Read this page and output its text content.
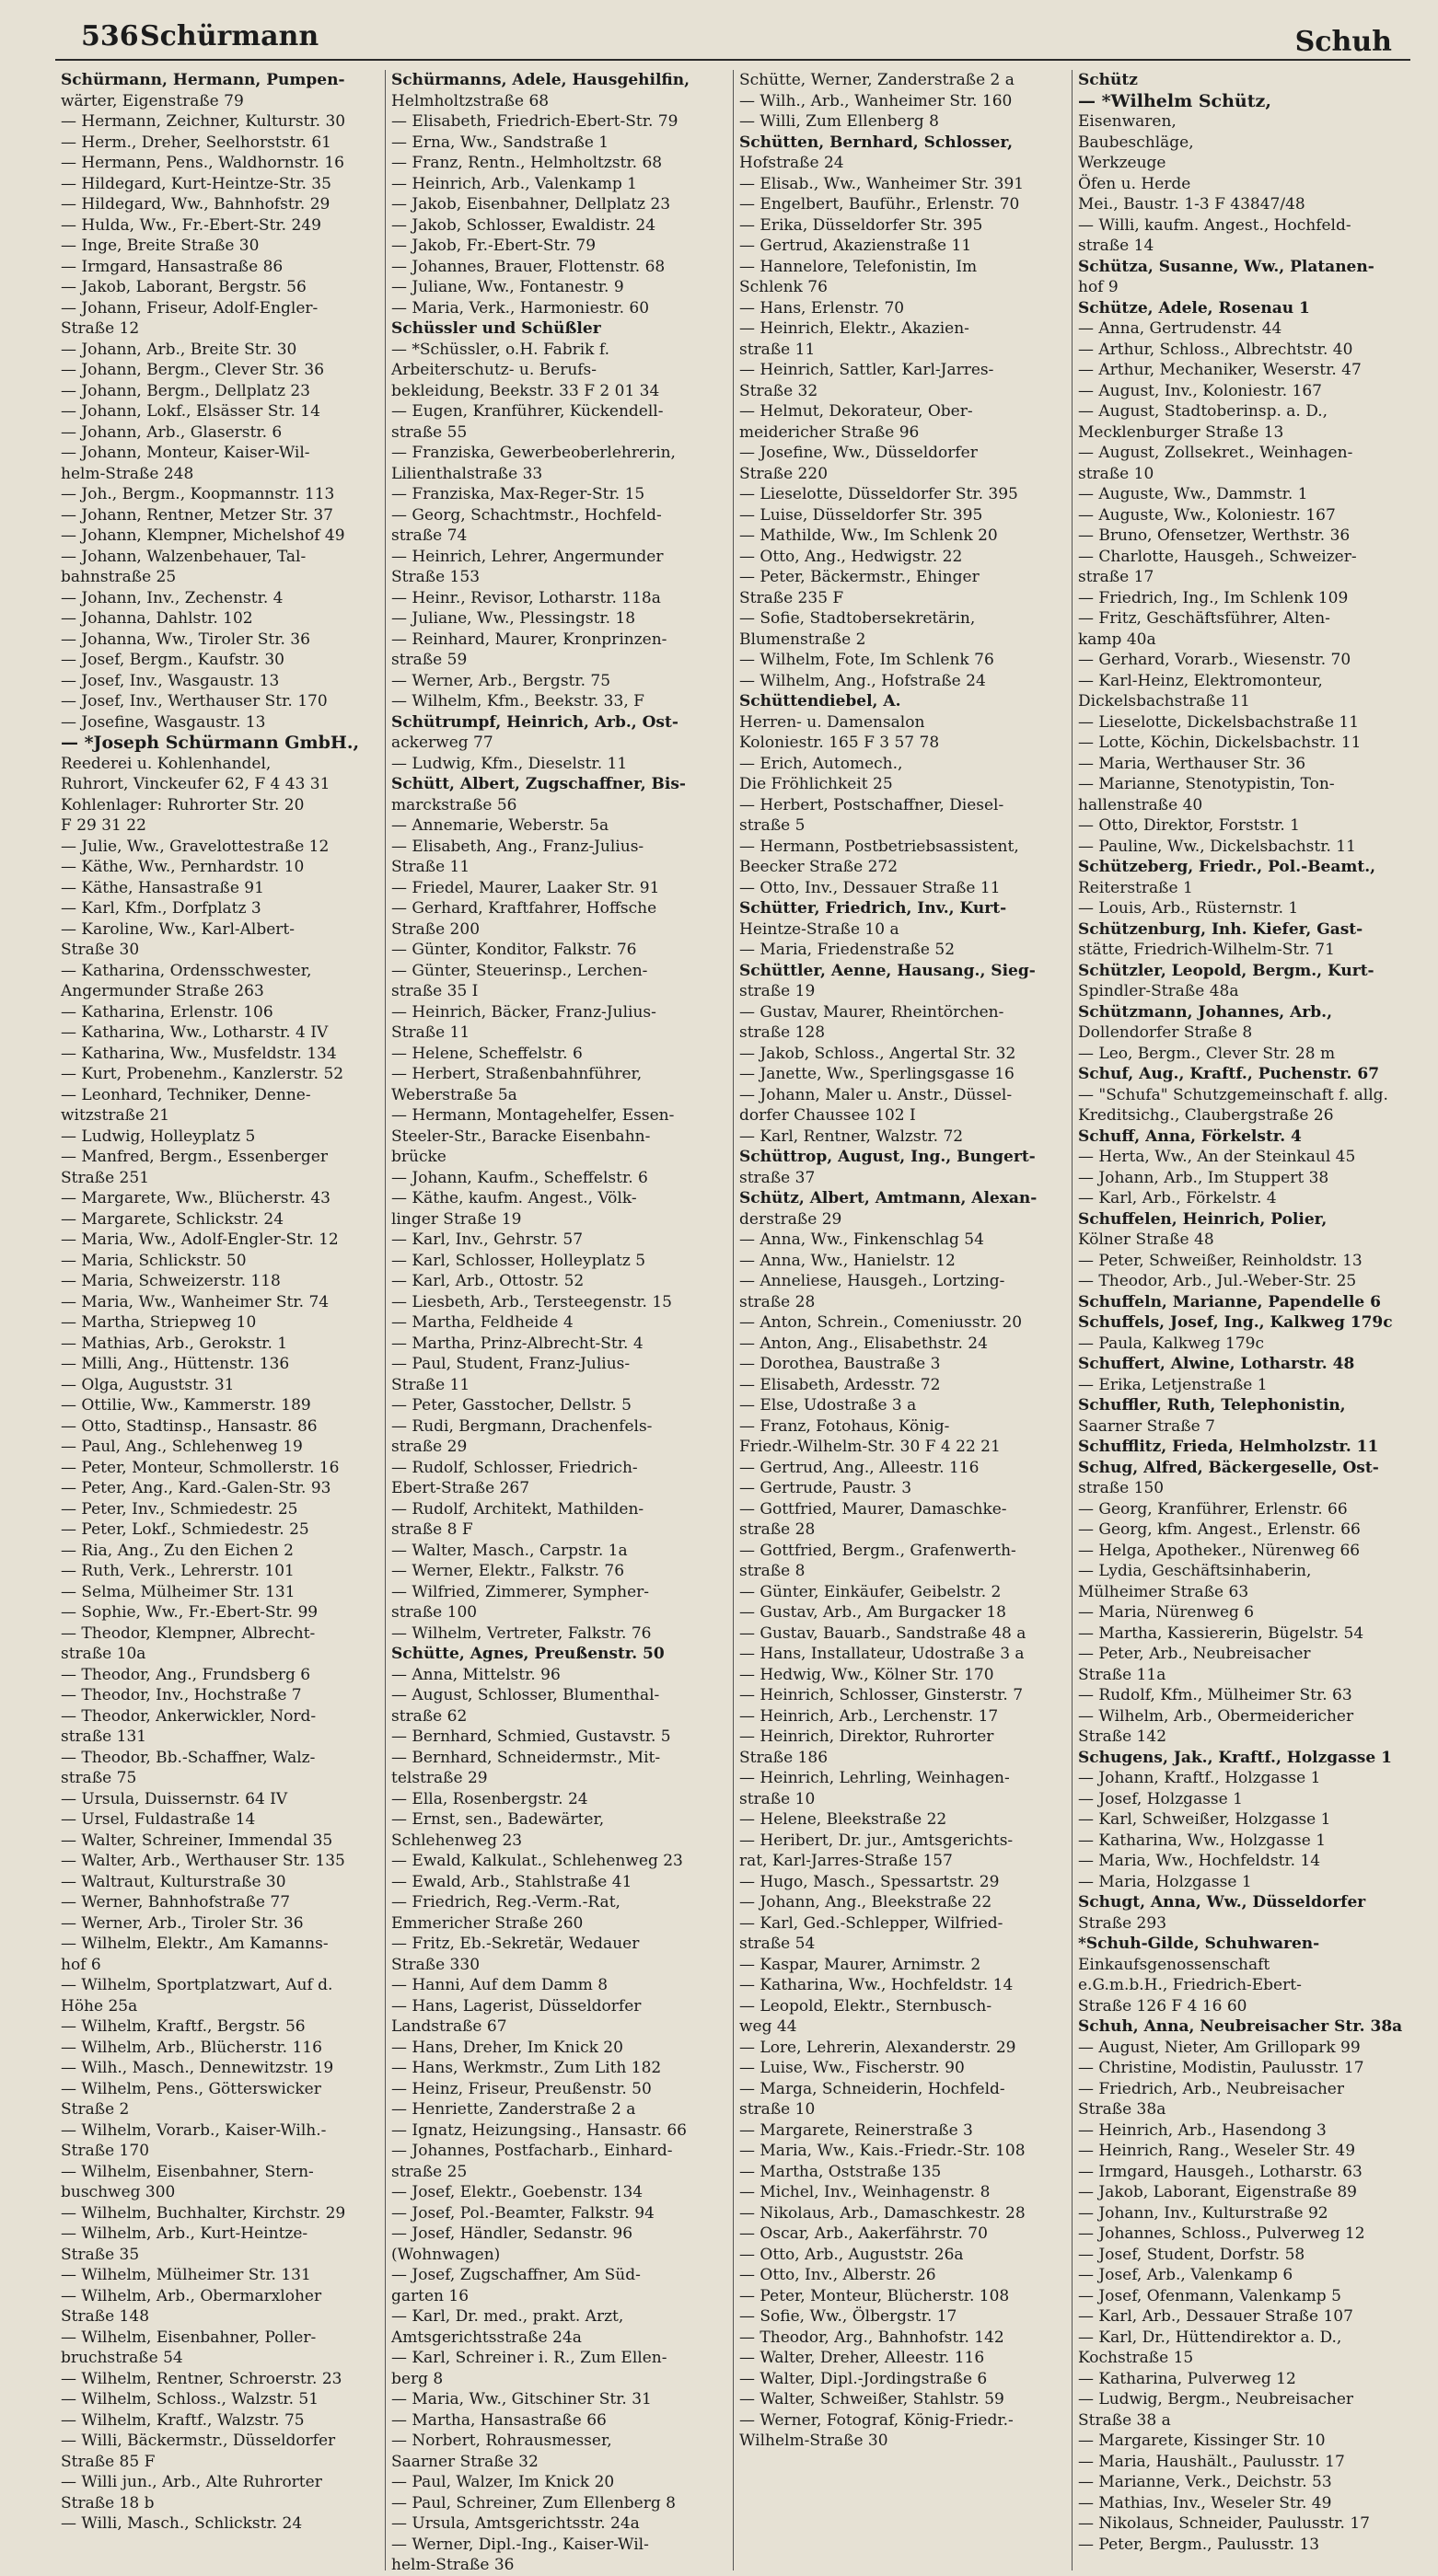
536 Schürmann	Schuh
Schürmann, Hermann, Pumpen-
wärter, Eigenstraße 79
— Hermann, Zeichner, Kulturstr. 30
— Herm., Dreher, Seelhorststr. 61
— Hermann, Pens., Waldhornstr. 16
— Hildegard, Kurt-Heintze-Str. 35
— Hildegard, Ww., Bahnhofstr. 29
— Hulda, Ww., Fr.-Ebert-Str. 249
— Inge, Breite Straße 30
— Irmgard, Hansastraße 86
— Jakob, Laborant, Bergstr. 56
— Johann, Friseur, Adolf-Engler-
Straße 12
— Johann, Arb., Breite Str. 30
— Johann, Bergm., Clever Str. 36
— Johann, Bergm., Dellplatz 23
— Johann, Lokf., Elsässer Str. 14
— Johann, Arb., Glaserstr. 6
— Johann, Monteur, Kaiser-Wil-
helm-Straße 248
— Joh., Bergm., Koopmannstr. 113
— Johann, Rentner, Metzer Str. 37
— Johann, Klempner, Michelshof 49
— Johann, Walzenbehauer, Tal-
bahnstraße 25
— Johann, Inv., Zechenstr. 4
— Johanna, Dahlstr. 102
— Johanna, Ww., Tiroler Str. 36
— Josef, Bergm., Kaufstr. 30
— Josef, Inv., Wasgaustr. 13
— Josef, Inv., Werthauser Str. 170
— Josefine, Wasgaustr. 13
— *Joseph Schürmann GmbH.,
Reederei u. Kohlenhandel,
Ruhrort, Vinckeufer 62, F 4 43 31
Kohlenlager: Ruhrorter Str. 20
F 29 31 22
— Julie, Ww., Gravelottestraße 12
— Käthe, Ww., Pernhardstr. 10
— Käthe, Hansastraße 91
— Karl, Kfm., Dorfplatz 3
— Karoline, Ww., Karl-Albert-
Straße 30
— Katharina, Ordensschwester,
Angermunder Straße 263
— Katharina, Erlenstr. 106
— Katharina, Ww., Lotharstr. 4 IV
— Katharina, Ww., Musfeldstr. 134
— Kurt, Probenehm., Kanzlerstr. 52
— Leonhard, Techniker, Denne-
witzstraße 21
— Ludwig, Holleyplatz 5
— Manfred, Bergm., Essenberger
Straße 251
— Margarete, Ww., Blücherstr. 43
— Margarete, Schlickstr. 24
— Maria, Ww., Adolf-Engler-Str. 12
— Maria, Schlickstr. 50
— Maria, Schweizerstr. 118
— Maria, Ww., Wanheimer Str. 74
— Martha, Striepweg 10
— Mathias, Arb., Gerokstr. 1
— Milli, Ang., Hüttenstr. 136
— Olga, Auguststr. 31
— Ottilie, Ww., Kammerstr. 189
— Otto, Stadtinsp., Hansastr. 86
— Paul, Ang., Schlehenweg 19
— Peter, Monteur, Schmollerstr. 16
— Peter, Ang., Kard.-Galen-Str. 93
— Peter, Inv., Schmiedestr. 25
— Peter, Lokf., Schmiedestr. 25
— Ria, Ang., Zu den Eichen 2
— Ruth, Verk., Lehrerstr. 101
— Selma, Mülheimer Str. 131
— Sophie, Ww., Fr.-Ebert-Str. 99
— Theodor, Klempner, Albrecht-
straße 10a
— Theodor, Ang., Frundsberg 6
— Theodor, Inv., Hochstraße 7
— Theodor, Ankerwickler, Nord-
straße 131
— Theodor, Bb.-Schaffner, Walz-
straße 75
— Ursula, Duissernstr. 64 IV
— Ursel, Fuldastraße 14
— Walter, Schreiner, Immendal 35
— Walter, Arb., Werthauser Str. 135
— Waltraut, Kulturstraße 30
— Werner, Bahnhofstraße 77
— Werner, Arb., Tiroler Str. 36
— Wilhelm, Elektr., Am Kamanns-
hof 6
— Wilhelm, Sportplatzwart, Auf d.
Höhe 25a
— Wilhelm, Kraftf., Bergstr. 56
— Wilhelm, Arb., Blücherstr. 116
— Wilh., Masch., Dennewitzstr. 19
— Wilhelm, Pens., Götterswicker
Straße 2
— Wilhelm, Vorarb., Kaiser-Wilh.-
Straße 170
— Wilhelm, Eisenbahner, Stern-
buschweg 300
— Wilhelm, Buchhalter, Kirchstr. 29
— Wilhelm, Arb., Kurt-Heintze-
Straße 35
— Wilhelm, Mülheimer Str. 131
— Wilhelm, Arb., Obermarxloher
Straße 148
— Wilhelm, Eisenbahner, Poller-
bruchstraße 54
— Wilhelm, Rentner, Schroerstr. 23
— Wilhelm, Schloss., Walzstr. 51
— Wilhelm, Kraftf., Walzstr. 75
— Willi, Bäckermstr., Düsseldorfer
Straße 85 F
— Willi jun., Arb., Alte Ruhrorter
Straße 18 b
— Willi, Masch., Schlickstr. 24
Schürmanns, Adele, Hausgehilfin,
Helmholtzstraße 68
— Elisabeth, Friedrich-Ebert-Str. 79
— Erna, Ww., Sandstraße 1
— Franz, Rentn., Helmholtzstr. 68
— Heinrich, Arb., Valenkamp 1
— Jakob, Eisenbahner, Dellplatz 23
— Jakob, Schlosser, Ewaldistr. 24
— Jakob, Fr.-Ebert-Str. 79
— Johannes, Brauer, Flottenstr. 68
— Juliane, Ww., Fontanestr. 9
— Maria, Verk., Harmoniestr. 60
Schüssler und Schüßler
— *Schüssler, o.H. Fabrik f.
Arbeiterschutz- u. Berufs-
bekleidung, Beekstr. 33 F 2 01 34
— Eugen, Kranführer, Kückendell-
straße 55
— Franziska, Gewerbeoberlehrerin,
Lilienthalstraße 33
— Franziska, Max-Reger-Str. 15
— Georg, Schachtmstr., Hochfeld-
straße 74
— Heinrich, Lehrer, Angermunder
Straße 153
— Heinr., Revisor, Lotharstr. 118a
— Juliane, Ww., Plessingstr. 18
— Reinhard, Maurer, Kronprinzen-
straße 59
— Werner, Arb., Bergstr. 75
— Wilhelm, Kfm., Beekstr. 33, F
Schütrumpf, Heinrich, Arb., Ost-
ackerweg 77
— Ludwig, Kfm., Dieselstr. 11
Schütt, Albert, Zugschaffner, Bis-
marckstraße 56
— Annemarie, Weberstr. 5a
— Elisabeth, Ang., Franz-Julius-
Straße 11
— Friedel, Maurer, Laaker Str. 91
— Gerhard, Kraftfahrer, Hoffsche
Straße 200
— Günter, Konditor, Falkstr. 76
— Günter, Steuerinsp., Lerchen-
straße 35 I
— Heinrich, Bäcker, Franz-Julius-
Straße 11
— Helene, Scheffelstr. 6
— Herbert, Straßenbahnführer,
Weberstraße 5a
— Hermann, Montagehelfer, Essen-
Steeler-Str., Baracke Eisenbahn-
brücke
— Johann, Kaufm., Scheffelstr. 6
— Käthe, kaufm. Angest., Völk-
linger Straße 19
— Karl, Inv., Gehrstr. 57
— Karl, Schlosser, Holleyplatz 5
— Karl, Arb., Ottostr. 52
— Liesbeth, Arb., Tersteegenstr. 15
— Martha, Feldheide 4
— Martha, Prinz-Albrecht-Str. 4
— Paul, Student, Franz-Julius-
Straße 11
— Peter, Gasstocher, Dellstr. 5
— Rudi, Bergmann, Drachenfels-
straße 29
— Rudolf, Schlosser, Friedrich-
Ebert-Straße 267
— Rudolf, Architekt, Mathilden-
straße 8 F
— Walter, Masch., Carpstr. 1a
— Werner, Elektr., Falkstr. 76
— Wilfried, Zimmerer, Sympher-
straße 100
— Wilhelm, Vertreter, Falkstr. 76
Schütte, Agnes, Preußenstr. 50
— Anna, Mittelstr. 96
— August, Schlosser, Blumenthal-
straße 62
— Bernhard, Schmied, Gustavstr. 5
— Bernhard, Schneidermstr., Mit-
telstraße 29
— Ella, Rosenbergstr. 24
— Ernst, sen., Badewärter,
Schlehenweg 23
— Ewald, Kalkulat., Schlehenweg 23
— Ewald, Arb., Stahlstraße 41
— Friedrich, Reg.-Verm.-Rat,
Emmericher Straße 260
— Fritz, Eb.-Sekretär, Wedauer
Straße 330
— Hanni, Auf dem Damm 8
— Hans, Lagerist, Düsseldorfer
Landstraße 67
— Hans, Dreher, Im Knick 20
— Hans, Werkmstr., Zum Lith 182
— Heinz, Friseur, Preußenstr. 50
— Henriette, Zanderstraße 2 a
— Ignatz, Heizungsing., Hansastr. 66
— Johannes, Postfacharb., Einhard-
straße 25
— Josef, Elektr., Goebenstr. 134
— Josef, Pol.-Beamter, Falkstr. 94
— Josef, Händler, Sedanstr. 96
(Wohnwagen)
— Josef, Zugschaffner, Am Süd-
garten 16
— Karl, Dr. med., prakt. Arzt,
Amtsgerichtsstraße 24a
— Karl, Schreiner i. R., Zum Ellen-
berg 8
— Maria, Ww., Gitschiner Str. 31
— Martha, Hansastraße 66
— Norbert, Rohrausmesser,
Saarner Straße 32
— Paul, Walzer, Im Knick 20
— Paul, Schreiner, Zum Ellenberg 8
— Ursula, Amtsgerichtsstr. 24a
— Werner, Dipl.-Ing., Kaiser-Wil-
helm-Straße 36
Schütte, Werner, Zanderstraße 2 a
— Wilh., Arb., Wanheimer Str. 160
— Willi, Zum Ellenberg 8
Schütten, Bernhard, Schlosser,
Hofstraße 24
— Elisab., Ww., Wanheimer Str. 391
— Engelbert, Bauführ., Erlenstr. 70
— Erika, Düsseldorfer Str. 395
— Gertrud, Akazienstraße 11
— Hannelore, Telefonistin, Im
Schlenk 76
— Hans, Erlenstr. 70
— Heinrich, Elektr., Akazien-
straße 11
— Heinrich, Sattler, Karl-Jarres-
Straße 32
— Helmut, Dekorateur, Ober-
meidericher Straße 96
— Josefine, Ww., Düsseldorfer
Straße 220
— Lieselotte, Düsseldorfer Str. 395
— Luise, Düsseldorfer Str. 395
— Mathilde, Ww., Im Schlenk 20
— Otto, Ang., Hedwigstr. 22
— Peter, Bäckermstr., Ehinger
Straße 235 F
— Sofie, Stadtobersekretärin,
Blumenstraße 2
— Wilhelm, Fote, Im Schlenk 76
— Wilhelm, Ang., Hofstraße 24
Schüttendiebel, A.
Herren- u. Damensalon
Koloniestr. 165 F 3 57 78
— Erich, Automech.,
Die Fröhlichkeit 25
— Herbert, Postschaffner, Diesel-
straße 5
— Hermann, Postbetriebsassistent,
Beecker Straße 272
— Otto, Inv., Dessauer Straße 11
Schütter, Friedrich, Inv., Kurt-
Heintze-Straße 10 a
— Maria, Friedenstraße 52
Schüttler, Aenne, Hausang., Sieg-
straße 19
— Gustav, Maurer, Rheintörchen-
straße 128
— Jakob, Schloss., Angertal Str. 32
— Janette, Ww., Sperlingsgasse 16
— Johann, Maler u. Anstr., Düssel-
dorfer Chaussee 102 I
— Karl, Rentner, Walzstr. 72
Schüttrop, August, Ing., Bungert-
straße 37
Schütz, Albert, Amtmann, Alexan-
derstraße 29
— Anna, Ww., Finkenschlag 54
— Anna, Ww., Hanielstr. 12
— Anneliese, Hausgeh., Lortzing-
straße 28
— Anton, Schrein., Comeniusstr. 20
— Anton, Ang., Elisabethstr. 24
— Dorothea, Baustraße 3
— Elisabeth, Ardesstr. 72
— Else, Udostraße 3 a
— Franz, Fotohaus, König-
Friedr.-Wilhelm-Str. 30 F 4 22 21
— Gertrud, Ang., Alleestr. 116
— Gertrude, Paustr. 3
— Gottfried, Maurer, Damaschke-
straße 28
— Gottfried, Bergm., Grafenwerth-
straße 8
— Günter, Einkäufer, Geibelstr. 2
— Gustav, Arb., Am Burgacker 18
— Gustav, Bauarb., Sandstraße 48 a
— Hans, Installateur, Udostraße 3 a
— Hedwig, Ww., Kölner Str. 170
— Heinrich, Schlosser, Ginsterstr. 7
— Heinrich, Arb., Lerchenstr. 17
— Heinrich, Direktor, Ruhrorter
Straße 186
— Heinrich, Lehrling, Weinhagen-
straße 10
— Helene, Bleekstraße 22
— Heribert, Dr. jur., Amtsgerichts-
rat, Karl-Jarres-Straße 157
— Hugo, Masch., Spessartstr. 29
— Johann, Ang., Bleekstraße 22
— Karl, Ged.-Schlepper, Wilfried-
straße 54
— Kaspar, Maurer, Arnimstr. 2
— Katharina, Ww., Hochfeldstr. 14
— Leopold, Elektr., Sternbusch-
weg 44
— Lore, Lehrerin, Alexanderstr. 29
— Luise, Ww., Fischerstr. 90
— Marga, Schneiderin, Hochfeld-
straße 10
— Margarete, Reinerstraße 3
— Maria, Ww., Kais.-Friedr.-Str. 108
— Martha, Oststraße 135
— Michel, Inv., Weinhagenstr. 8
— Nikolaus, Arb., Damaschkestr. 28
— Oscar, Arb., Aakerfährstr. 70
— Otto, Arb., Auguststr. 26a
— Otto, Inv., Alberstr. 26
— Peter, Monteur, Blücherstr. 108
— Sofie, Ww., Ölbergstr. 17
— Theodor, Arg., Bahnhofstr. 142
— Walter, Dreher, Alleestr. 116
— Walter, Dipl.-Jordingstraße 6
— Walter, Schweißer, Stahlstr. 59
— Werner, Fotograf, König-Friedr.-
Wilhelm-Straße 30
Schütz
— *Wilhelm Schütz,
Eisenwaren,
Baubeschläge,
Werkzeuge
Öfen u. Herde
Mei., Baustr. 1-3 F 43847/48
— Willi, kaufm. Angest., Hochfeld-
straße 14
Schütza, Susanne, Ww., Platanen-
hof 9
Schütze, Adele, Rosenau 1
— Anna, Gertrudenstr. 44
— Arthur, Schloss., Albrechtstr. 40
— Arthur, Mechaniker, Weserstr. 47
— August, Inv., Koloniestr. 167
— August, Stadtoberinsp. a. D.,
Mecklenburger Straße 13
— August, Zollsekret., Weinhagen-
straße 10
— Auguste, Ww., Dammstr. 1
— Auguste, Ww., Koloniestr. 167
— Bruno, Ofensetzer, Werthstr. 36
— Charlotte, Hausgeh., Schweizer-
straße 17
— Friedrich, Ing., Im Schlenk 109
— Fritz, Geschäftsführer, Alten-
kamp 40a
— Gerhard, Vorarb., Wiesenstr. 70
— Karl-Heinz, Elektromonteur,
Dickelsbachstraße 11
— Lieselotte, Dickelsbachstraße 11
— Lotte, Köchin, Dickelsbachstr. 11
— Maria, Werthauser Str. 36
— Marianne, Stenotypistin, Ton-
hallenstraße 40
— Otto, Direktor, Forststr. 1
— Pauline, Ww., Dickelsbachstr. 11
Schützeberg, Friedr., Pol.-Beamt.,
Reiterstraße 1
— Louis, Arb., Rüsternstr. 1
Schützenburg, Inh. Kiefer, Gast-
stätte, Friedrich-Wilhelm-Str. 71
Schützler, Leopold, Bergm., Kurt-
Spindler-Straße 48a
Schützmann, Johannes, Arb.,
Dollendorfer Straße 8
— Leo, Bergm., Clever Str. 28 m
Schuf, Aug., Kraftf., Puchenstr. 67
— "Schufa" Schutzgemeinschaft f. allg.
Kreditsichg., Claubergstraße 26
Schuff, Anna, Förkelstr. 4
— Herta, Ww., An der Steinkaul 45
— Johann, Arb., Im Stuppert 38
— Karl, Arb., Förkelstr. 4
Schuffelen, Heinrich, Polier,
Kölner Straße 48
— Peter, Schweißer, Reinholdstr. 13
— Theodor, Arb., Jul.-Weber-Str. 25
Schuffeln, Marianne, Papendelle 6
Schuffels, Josef, Ing., Kalkweg 179c
— Paula, Kalkweg 179c
Schuffert, Alwine, Lotharstr. 48
— Erika, Letjenstraße 1
Schuffler, Ruth, Telephonistin,
Saarner Straße 7
Schufflitz, Frieda, Helmholzstr. 11
Schug, Alfred, Bäckergeselle, Ost-
straße 150
— Georg, Kranführer, Erlenstr. 66
— Georg, kfm. Angest., Erlenstr. 66
— Helga, Apotheker., Nürenweg 66
— Lydia, Geschäftsinhaberin,
Mülheimer Straße 63
— Maria, Nürenweg 6
— Martha, Kassiererin, Bügelstr. 54
— Peter, Arb., Neubreisacher
Straße 11a
— Rudolf, Kfm., Mülheimer Str. 63
— Wilhelm, Arb., Obermeidericher
Straße 142
Schugens, Jak., Kraftf., Holzgasse 1
— Johann, Kraftf., Holzgasse 1
— Josef, Holzgasse 1
— Karl, Schweißer, Holzgasse 1
— Katharina, Ww., Holzgasse 1
— Maria, Ww., Hochfeldstr. 14
— Maria, Holzgasse 1
Schugt, Anna, Ww., Düsseldorfer
Straße 293
*Schuh-Gilde, Schuhwaren-
Einkaufsgenossenschaft
e.G.m.b.H., Friedrich-Ebert-
Straße 126 F 4 16 60
Schuh, Anna, Neubreisacher Str. 38a
— August, Nieter, Am Grillopark 99
— Christine, Modistin, Paulusstr. 17
— Friedrich, Arb., Neubreisacher
Straße 38a
— Heinrich, Arb., Hasendong 3
— Heinrich, Rang., Weseler Str. 49
— Irmgard, Hausgeh., Lotharstr. 63
— Jakob, Laborant, Eigenstraße 89
— Johann, Inv., Kulturstraße 92
— Johannes, Schloss., Pulverweg 12
— Josef, Student, Dorfstr. 58
— Josef, Arb., Valenkamp 6
— Josef, Ofenmann, Valenkamp 5
— Karl, Arb., Dessauer Straße 107
— Karl, Dr., Hüttendirektor a. D.,
Kochstraße 15
— Katharina, Pulverweg 12
— Ludwig, Bergm., Neubreisacher
Straße 38 a
— Margarete, Kissinger Str. 10
— Maria, Haushält., Paulusstr. 17
— Marianne, Verk., Deichstr. 53
— Mathias, Inv., Weseler Str. 49
— Nikolaus, Schneider, Paulusstr. 17
— Peter, Bergm., Paulusstr. 13
